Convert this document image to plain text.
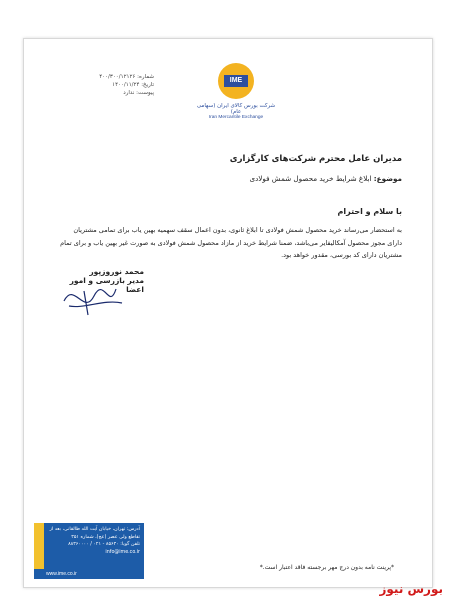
شماره: ۴۰۰/۳۰۰/۱۲۱۲۶
تاریخ: ۱۴۰۰/۱۱/۲۴
پیوست: ندارد
IME
شرکت بورس کالای ایران (سهامی عام)
Iran Mercantile Exchange
مدیران عامل محترم شرکت‌های کارگزاری
موضوع: ابلاغ شرایط خرید محصول شمش فولادی
با سلام و احترام
به استحضار می‌رساند خرید محصول شمش فولادی تا ابلاغ ثانوی، بدون اعمال سقف سهمیه بهین یاب برای تمامی مشتریان دارای مجوز محصول آمکالیفایر می‌باشد، ضمنا شرایط خرید از مازاد محصول شمش فولادی به صورت غیر بهین یاب و برای تمام مشتریان دارای کد بورسی، مقدور خواهد بود.
محمد نوروزپور
مدیر بازرسی و امور اعضا
*پرینت نامه بدون درج مهر برجسته فاقد اعتبار است.*
آدرس: تهران، خیابان آیت الله طالقانی، بعد از تقاطع ولی عصر (عج)، شماره ۳۵۱
تلفن گویا: ۸۵۶۴۰ - ۰۲۱ / ۸۸۳۶۰۰۰۰
info@ime.co.ir
www.ime.co.ir
بورس نیوز
